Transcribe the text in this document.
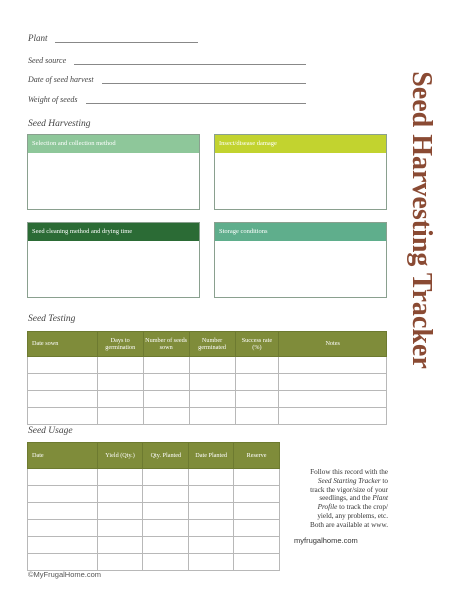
Plant
Seed source
Date of seed harvest
Weight of seeds	Seed Harvesting Tracker
Seed Harvesting
Selection and collection method	Insect/disease damage
Seed cleaning method and drying time	Storage conditions
Seed Testing
Date sown	Days to germination	Number of seeds sown	Number germinated	Success rate (%)	Notes

Seed Usage
Date	Yield (Qty.)	Qty. Planted	Date Planted	Reserve

Follow this record with the
Seed Starting Tracker to
track the vigor/size of your
seedlings, and the Plant
Profile to track the crop/
yield, any problems, etc.
Both are available at www.
myfrugalhome.com
©MyFrugalHome.com
